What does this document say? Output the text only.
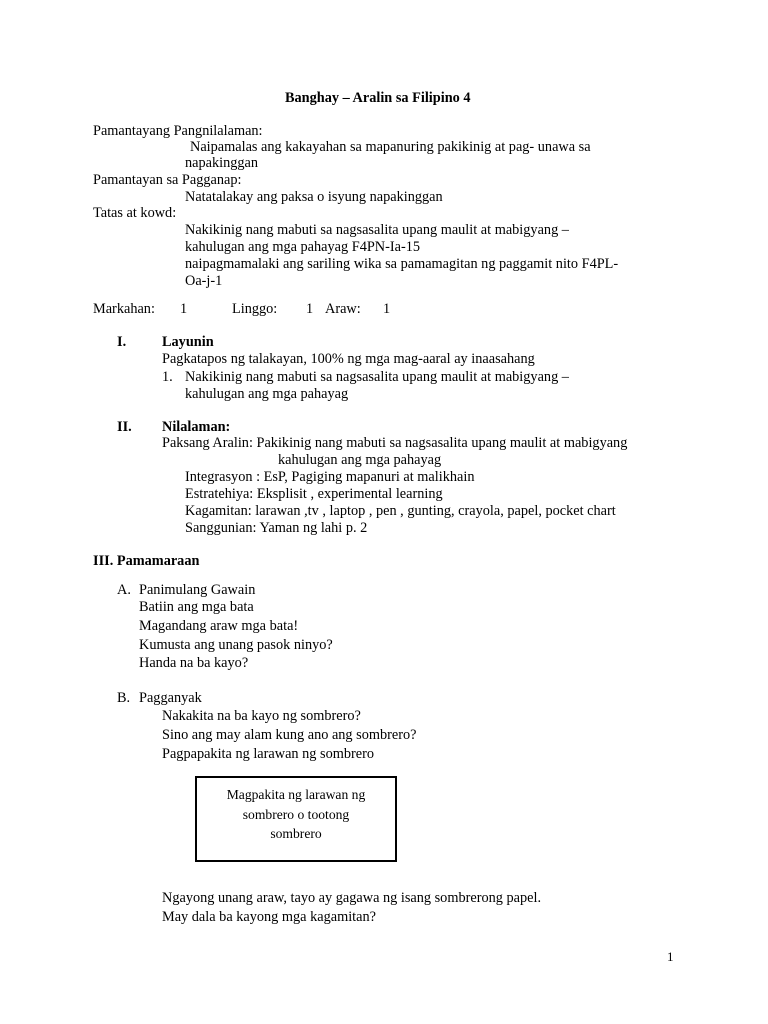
Banghay – Aralin sa Filipino 4
Pamantayang Pangnilalaman:
Naipamalas ang kakayahan sa mapanuring pakikinig at pag- unawa sa
napakinggan
Pamantayan sa Pagganap:
Natatalakay ang paksa o isyung napakinggan
Tatas at kowd:
Nakikinig nang mabuti sa nagsasalita upang maulit at mabigyang –
kahulugan ang mga pahayag F4PN-Ia-15
naipagmamalaki ang sariling wika sa pamamagitan ng paggamit nito F4PL-
Oa-j-1
Markahan: 1	Linggo: 1 Araw: 1
I.	Layunin
Pagkatapos ng talakayan, 100% ng mga mag-aaral ay inaasahang
1. Nakikinig nang mabuti sa nagsasalita upang maulit at mabigyang –
kahulugan ang mga pahayag
II. Nilalaman:
Paksang Aralin: Pakikinig nang mabuti sa nagsasalita upang maulit at mabigyang
kahulugan ang mga pahayag
Integrasyon : EsP, Pagiging mapanuri at malikhain
Estratehiya: Eksplisit , experimental learning
Kagamitan: larawan ,tv , laptop , pen , gunting, crayola, papel, pocket chart
Sanggunian: Yaman ng lahi p. 2
III. Pamamaraan
A. Panimulang Gawain
Batiin ang mga bata
Magandang araw mga bata!
Kumusta ang unang pasok ninyo?
Handa na ba kayo?
B. Pagganyak
Nakakita na ba kayo ng sombrero?
Sino ang may alam kung ano ang sombrero?
Pagpapakita ng larawan ng sombrero
Magpakita ng larawan ng
sombrero o tootong
sombrero
Ngayong unang araw, tayo ay gagawa ng isang sombrerong papel.
May dala ba kayong mga kagamitan?
1
